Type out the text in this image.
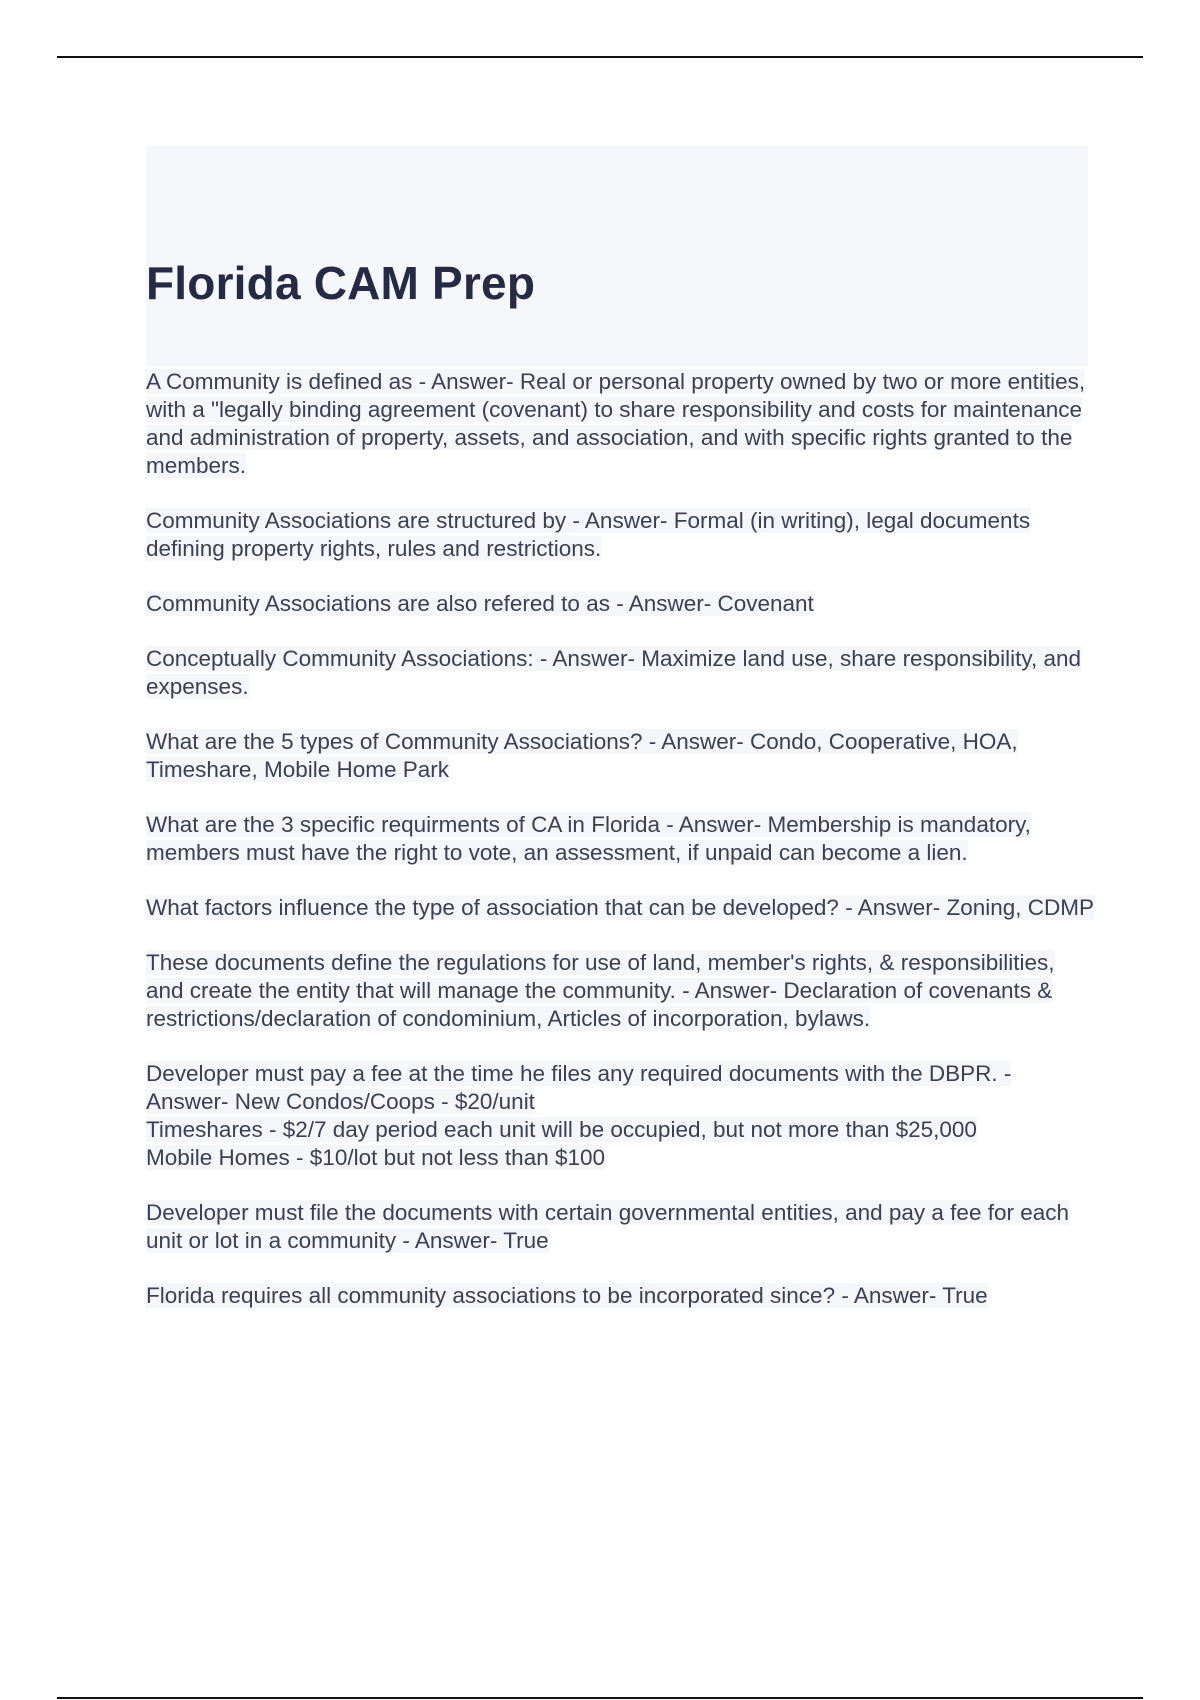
Florida CAM Prep

A Community is defined as - Answer- Real or personal property owned by two or more entities, with a "legally binding agreement (covenant) to share responsibility and costs for maintenance and administration of property, assets, and association, and with specific rights granted to the members.

Community Associations are structured by - Answer- Formal (in writing), legal documents defining property rights, rules and restrictions.

Community Associations are also refered to as - Answer- Covenant

Conceptually Community Associations: - Answer- Maximize land use, share responsibility, and expenses.

What are the 5 types of Community Associations? - Answer- Condo, Cooperative, HOA, Timeshare, Mobile Home Park

What are the 3 specific requirments of CA in Florida - Answer- Membership is mandatory, members must have the right to vote, an assessment, if unpaid can become a lien.

What factors influence the type of association that can be developed? - Answer- Zoning, CDMP

These documents define the regulations for use of land, member's rights, & responsibilities, and create the entity that will manage the community. - Answer- Declaration of covenants & restrictions/declaration of condominium, Articles of incorporation, bylaws.

Developer must pay a fee at the time he files any required documents with the DBPR. - Answer- New Condos/Coops - $20/unit
Timeshares - $2/7 day period each unit will be occupied, but not more than $25,000
Mobile Homes - $10/lot but not less than $100

Developer must file the documents with certain governmental entities, and pay a fee for each unit or lot in a community - Answer- True

Florida requires all community associations to be incorporated since? - Answer- True
